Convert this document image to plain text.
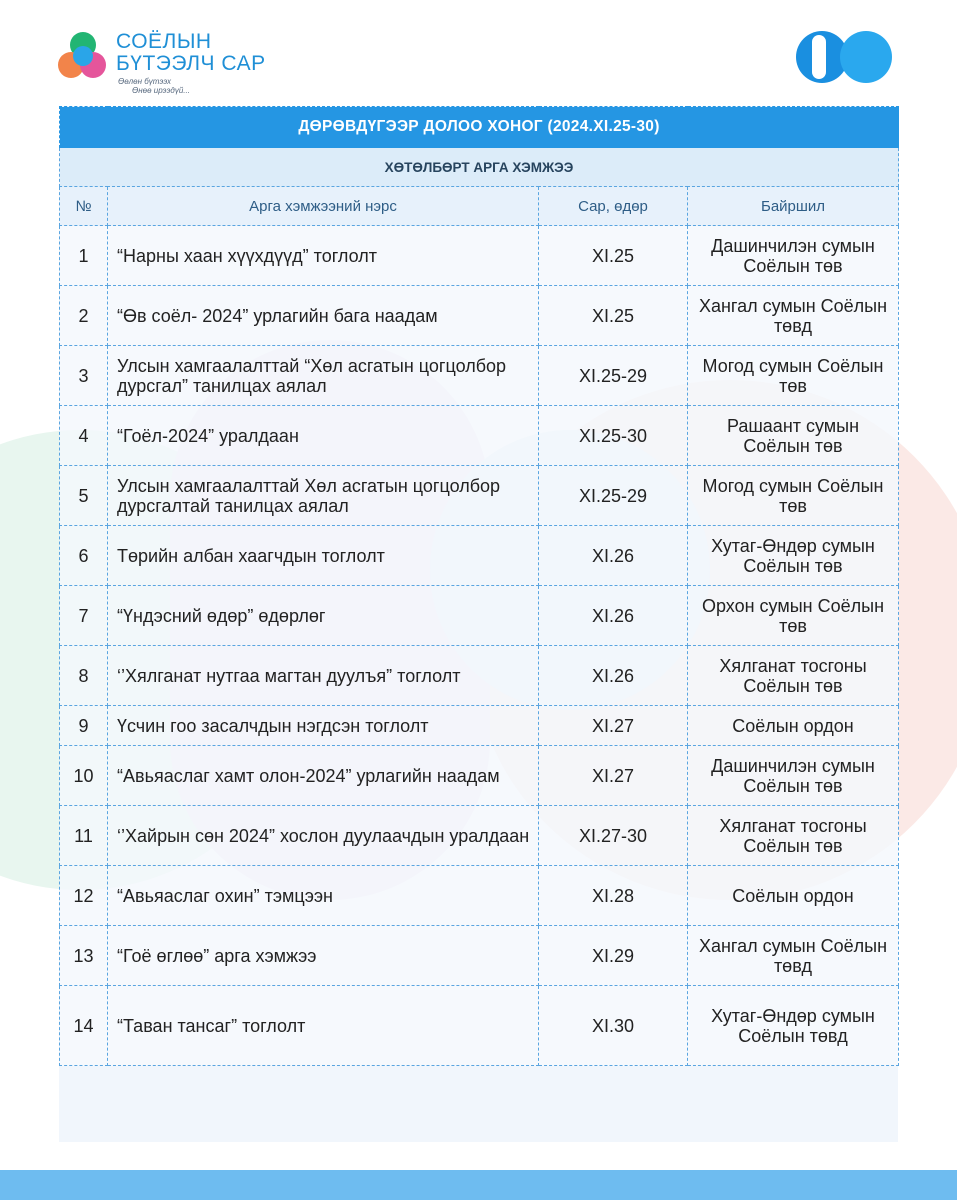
СОЁЛЫН
БҮТЭЭЛЧ САР
Өөлөн бүтээх
Өнөө ирээдүй...
ДӨРӨВДҮГЭЭР ДОЛОО ХОНОГ (2024.XI.25-30)			
ХӨТӨЛБӨРТ АРГА ХЭМЖЭЭ			
№	Арга хэмжээний нэрс	Сар, өдөр	Байршил
1	“Нарны хаан хүүхдүүд” тоглолт	XI.25	Дашинчилэн сумын Соёлын төв
2	“Өв соёл- 2024” урлагийн бага наадам	XI.25	Хангал сумын Соёлын төвд
3	Улсын хамгаалалттай “Хөл асгатын цогцолбор дурсгал” танилцах аялал	XI.25-29	Могод сумын Соёлын төв
4	“Гоёл-2024” уралдаан	XI.25-30	Рашаант сумын Соёлын төв
5	Улсын хамгаалалттай Хөл асгатын цогцолбор дурсгалтай танилцах аялал	XI.25-29	Могод сумын Соёлын төв
6	Төрийн албан хаагчдын тоглолт	XI.26	Хутаг-Өндөр сумын Соёлын төв
7	“Үндэсний өдөр” өдөрлөг	XI.26	Орхон сумын Соёлын төв
8	‘’Хялганат нутгаа магтан дуулъя” тоглолт	XI.26	Хялганат тосгоны Соёлын төв
9	Үсчин гоо засалчдын нэгдсэн тоглолт	XI.27	Соёлын ордон
10	“Авьяаслаг хамт олон-2024” урлагийн наадам	XI.27	Дашинчилэн сумын Соёлын төв
11	‘’Хайрын сөн 2024” хослон дуулаачдын уралдаан	XI.27-30	Хялганат тосгоны Соёлын төв
12	“Авьяаслаг охин” тэмцээн	XI.28	Соёлын ордон
13	“Гоё өглөө” арга хэмжээ	XI.29	Хангал сумын Соёлын төвд
14	“Таван тансаг” тоглолт	XI.30	Хутаг-Өндөр сумын Соёлын төвд
